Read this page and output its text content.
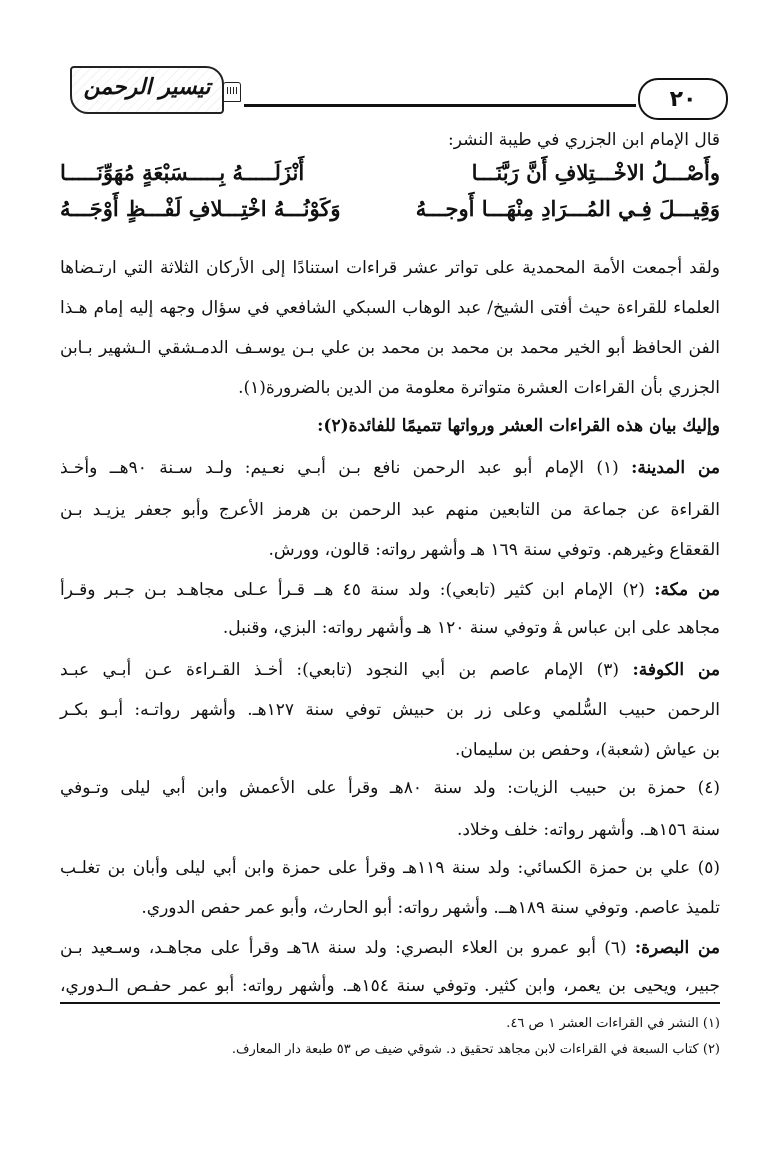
تيسير الرحمن	٢٠
قال الإمام ابن الجزري في طيبة النشر:
وأَصْـــلُ الاخْـــتِلافِ أَنَّ رَبَّنَـــا
أَنْزَلَـــــهُ بِـــــسَبْعَةٍ مُهَوِّنَـــــا
وَقِيـــلَ فِـي المُـــرَادِ مِنْهَـــا أَوجـــهُ
وَكَوْنُـــهُ اخْتِـــلافِ لَفْـــظٍ أَوْجَـــهُ
ولقد أجمعت الأمة المحمدية على تواتر عشر قراءات استنادًا إلى الأركان الثلاثة التي ارتـضاها
العلماء للقراءة حيث أفتى الشيخ/ عبد الوهاب السبكي الشافعي في سؤال وجهه إليه إمام هـذا
الفن الحافظ أبو الخير محمد بن محمد بن محمد بن علي بـن يوسـف الدمـشقي الـشهير بـابن
الجزري بأن القراءات العشرة متواترة معلومة من الدين بالضرورة(١).
وإليك بيان هذه القراءات العشر ورواتها تتميمًا للفائدة(٢):
من المدينة: (١) الإمام أبو عبد الرحمن نافع بـن أبـي نعـيم: ولـد سـنة ٩٠هــ وأخـذ
القراءة عن جماعة من التابعين منهم عبد الرحمن بن هرمز الأعرج وأبو جعفر يزيـد بـن
القعقاع وغيرهم. وتوفي سنة ١٦٩ هـ وأشهر رواته: قالون، وورش.
من مكة: (٢) الإمام ابن كثير (تابعي): ولد سنة ٤٥ هــ قـرأ عـلى مجاهـد بـن جـبر وقـرأ
مجاهد على ابن عباس ﭭ وتوفي سنة ١٢٠ هـ وأشهر رواته: البزي، وقنبل.
من الكوفة: (٣) الإمام عاصم بن أبي النجود (تابعي): أخـذ القـراءة عـن أبـي عبـد
الرحمن حبيب السُّلمي وعلى زر بن حبيش توفي سنة ١٢٧هـ. وأشهر رواتـه: أبـو بكـر
بن عياش (شعبة)، وحفص بن سليمان.
(٤) حمزة بن حبيب الزيات: ولد سنة ٨٠هـ وقرأ على الأعمش وابن أبي ليلى وتـوفي
سنة ١٥٦هـ. وأشهر رواته: خلف وخلاد.
(٥) علي بن حمزة الكسائي: ولد سنة ١١٩هـ وقرأ على حمزة وابن أبي ليلى وأبان بن تغلـب
تلميذ عاصم. وتوفي سنة ١٨٩هــ. وأشهر رواته: أبو الحارث، وأبو عمر حفص الدوري.
من البصرة: (٦) أبو عمرو بن العلاء البصري: ولد سنة ٦٨هـ وقرأ على مجاهـد، وسـعيد بـن
جبير، ويحيى بن يعمر، وابن كثير. وتوفي سنة ١٥٤هـ. وأشهر رواته: أبو عمر حفـص الـدوري،
(١) النشر في القراءات العشر ١ ص ٤٦.
(٢) كتاب السبعة في القراءات لابن مجاهد تحقيق د. شوقي ضيف ص ٥٣ طبعة دار المعارف.
